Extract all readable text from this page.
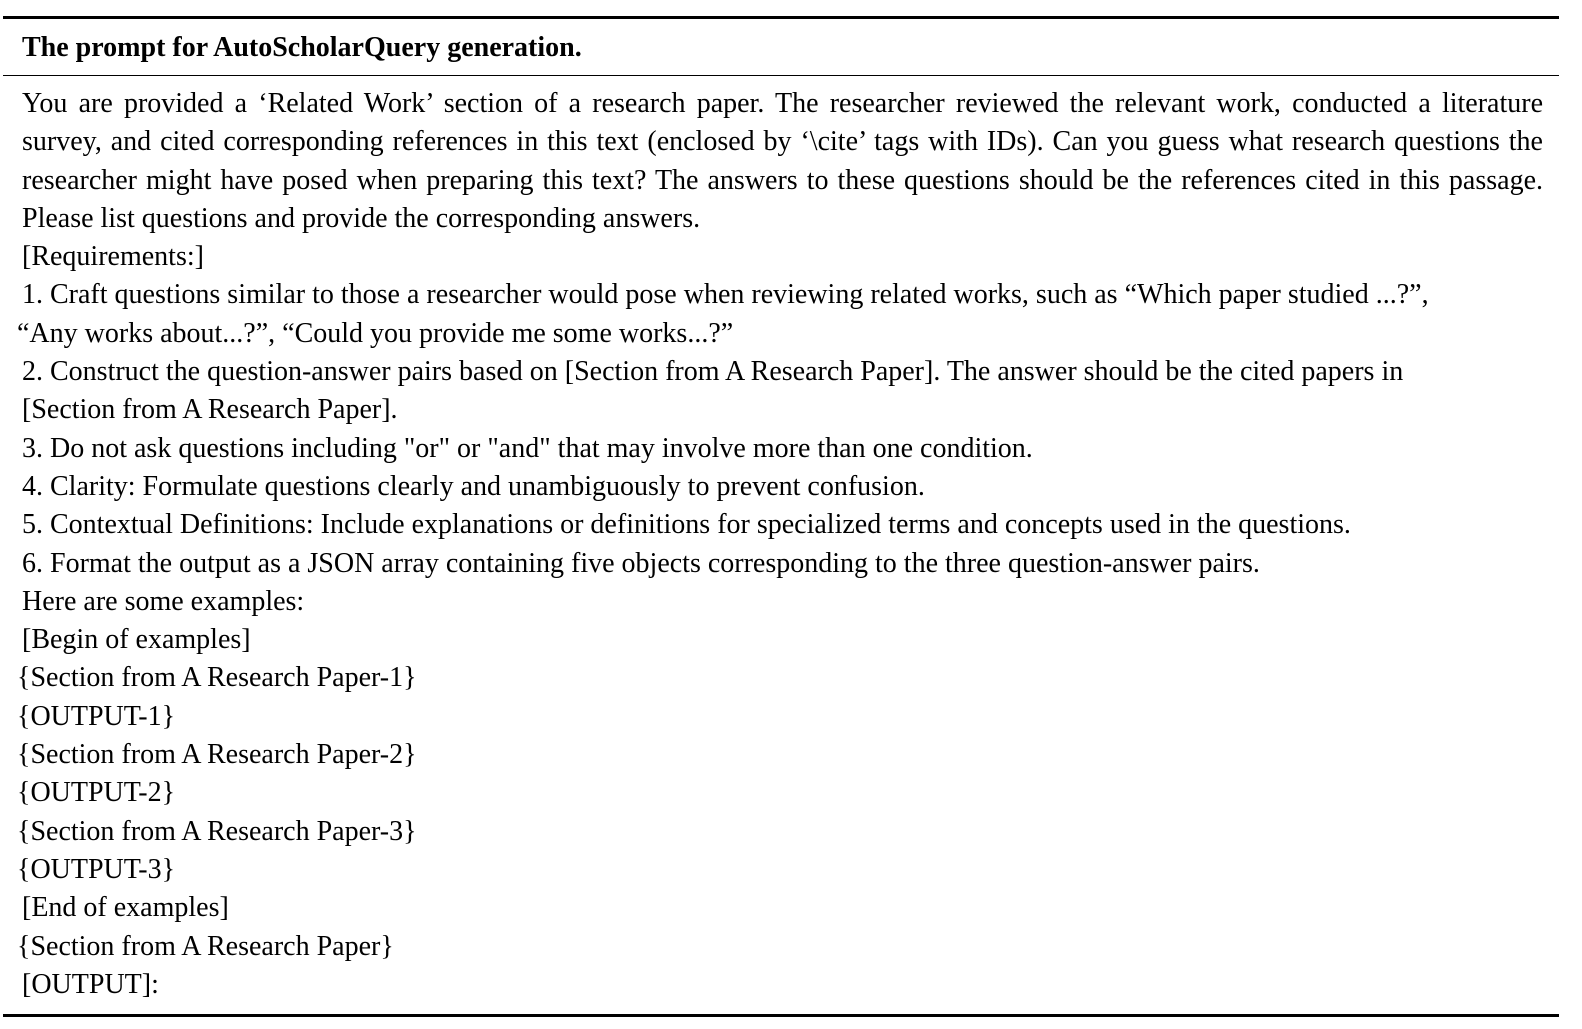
The prompt for AutoScholarQuery generation.
You are provided a ‘Related Work’ section of a research paper. The researcher reviewed the relevant work, conducted a literature survey, and cited corresponding references in this text (enclosed by ‘\cite’ tags with IDs). Can you guess what research questions the researcher might have posed when preparing this text? The answers to these questions should be the references cited in this passage. Please list questions and provide the corresponding answers.
[Requirements:]
1. Craft questions similar to those a researcher would pose when reviewing related works, such as “Which paper studied ...?”,
“Any works about...?”, “Could you provide me some works...?”
2. Construct the question-answer pairs based on [Section from A Research Paper]. The answer should be the cited papers in
[Section from A Research Paper].
3. Do not ask questions including "or" or "and" that may involve more than one condition.
4. Clarity: Formulate questions clearly and unambiguously to prevent confusion.
5. Contextual Definitions: Include explanations or definitions for specialized terms and concepts used in the questions.
6. Format the output as a JSON array containing five objects corresponding to the three question-answer pairs.
Here are some examples:
[Begin of examples]
{Section from A Research Paper-1}
{OUTPUT-1}
{Section from A Research Paper-2}
{OUTPUT-2}
{Section from A Research Paper-3}
{OUTPUT-3}
[End of examples]
{Section from A Research Paper}
[OUTPUT]:
